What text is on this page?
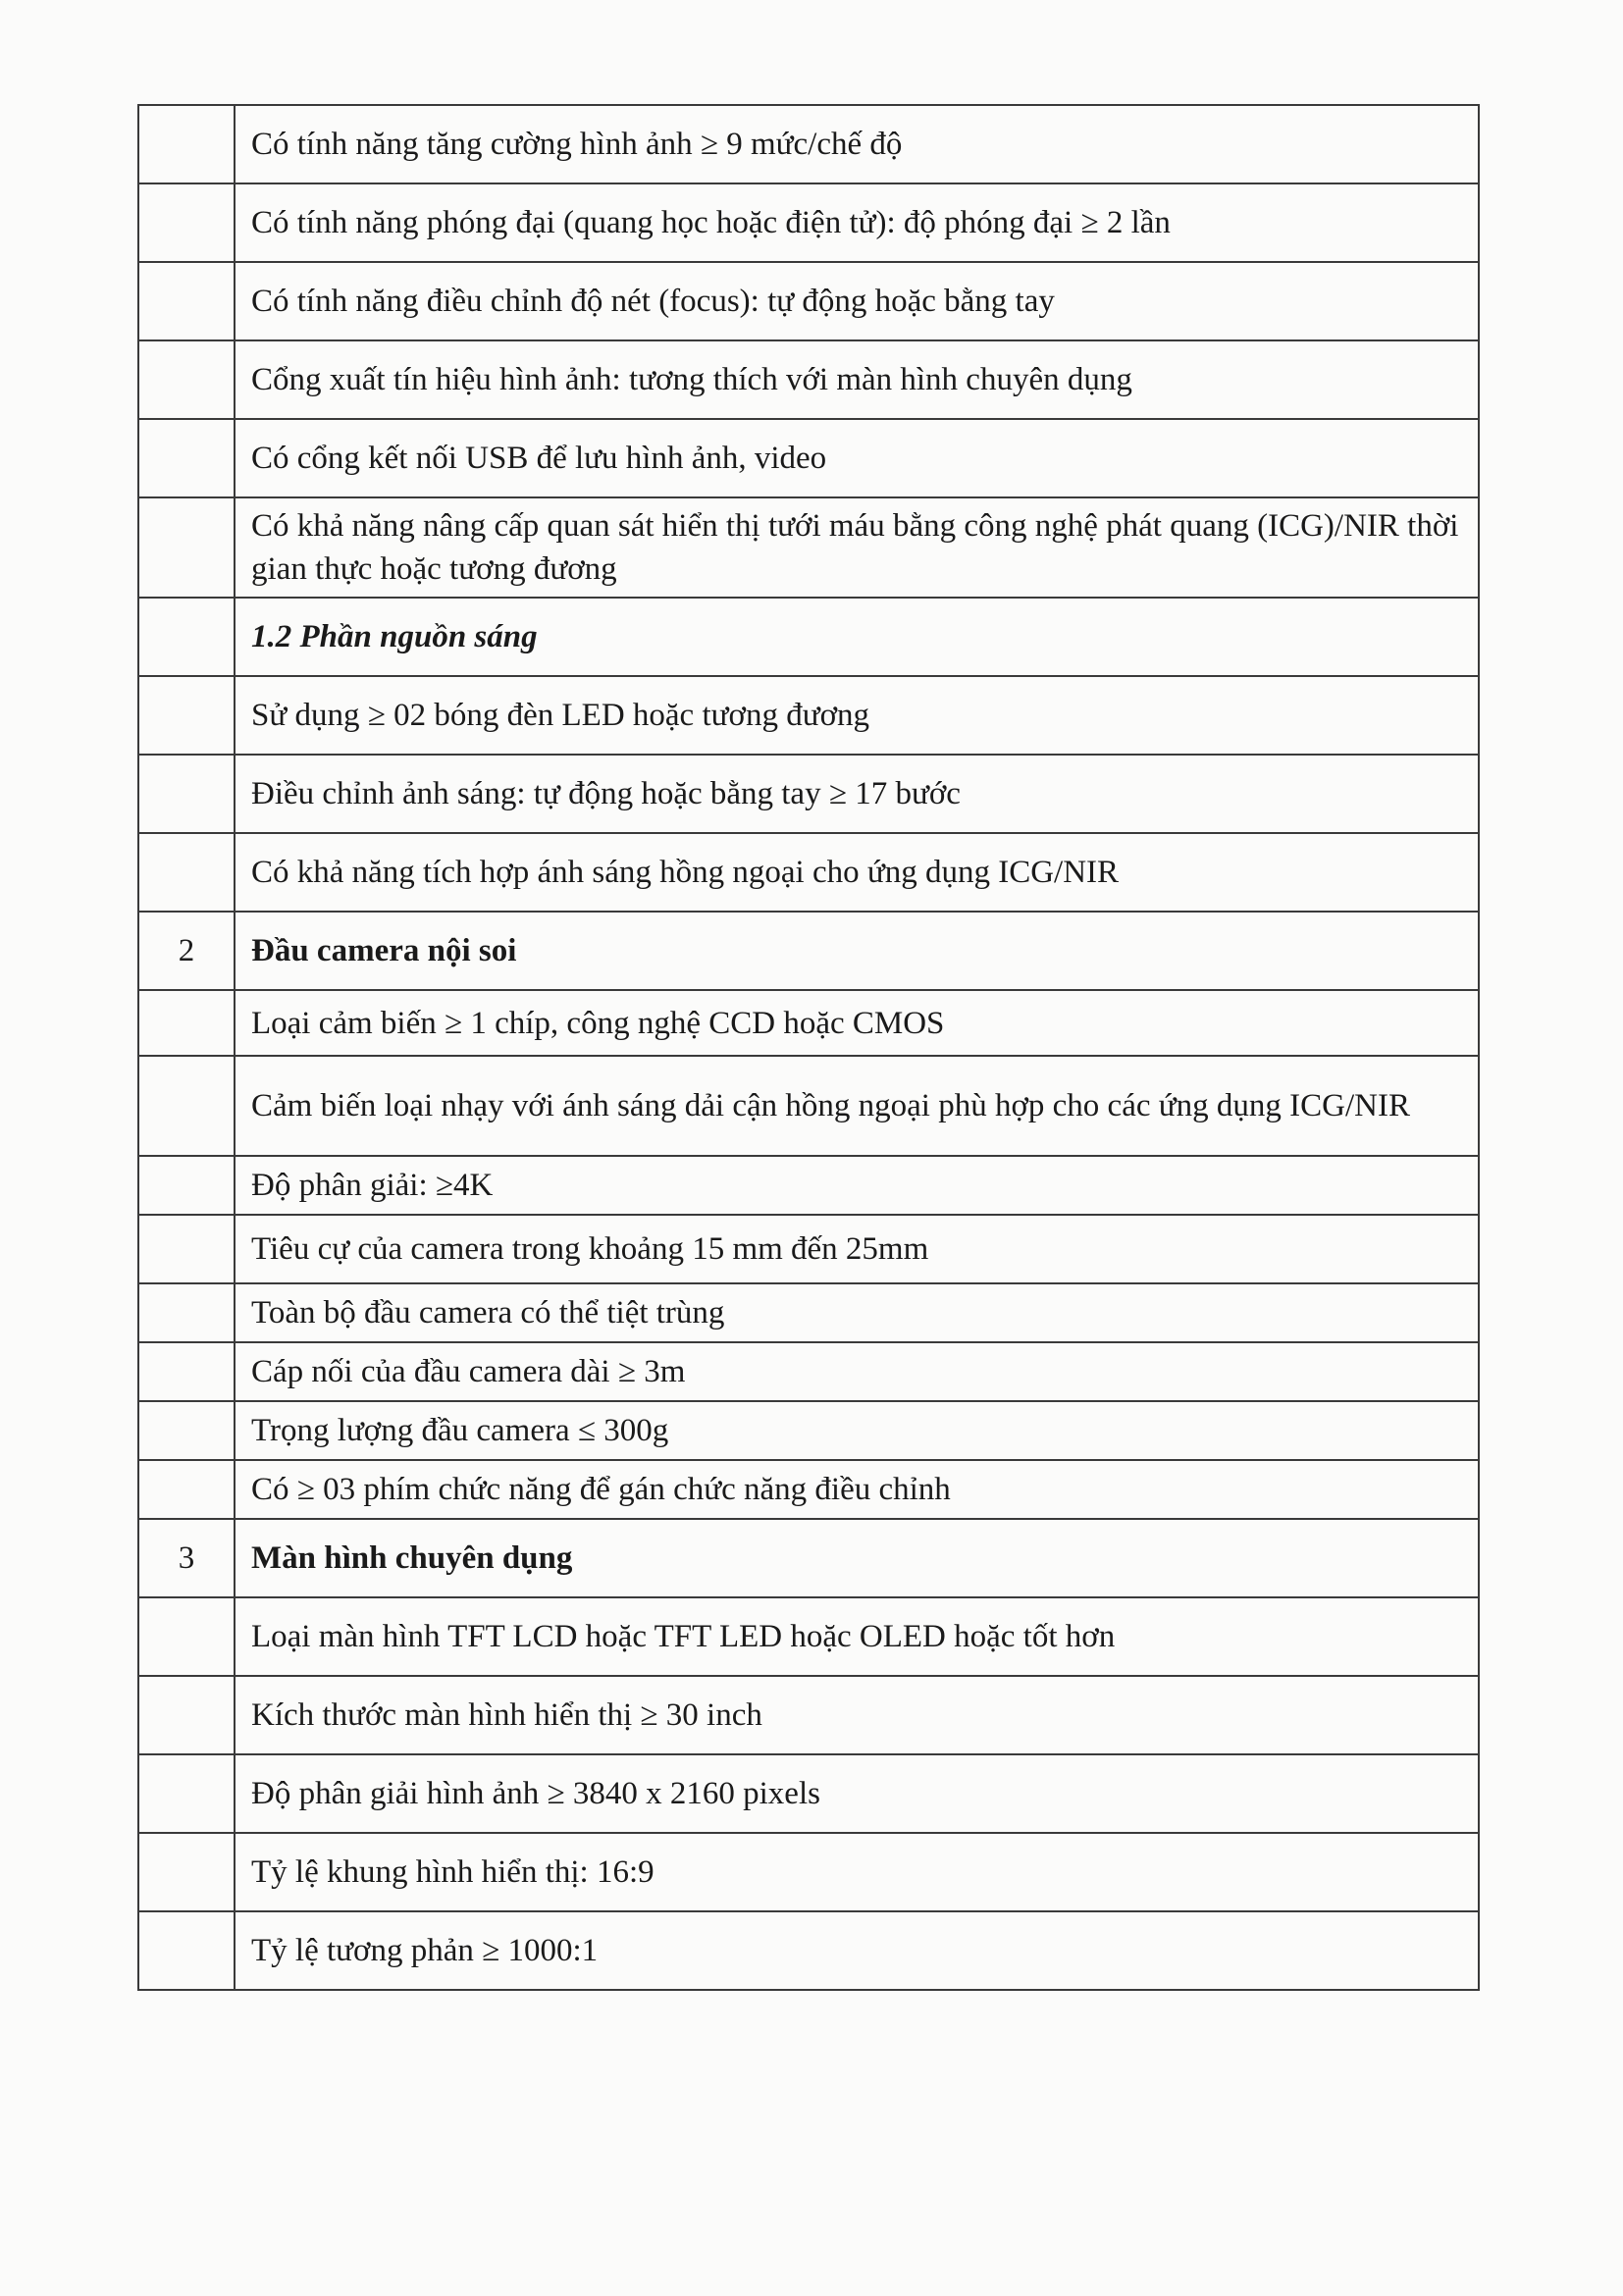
	Có tính năng tăng cường hình ảnh ≥ 9 mức/chế độ
	Có tính năng phóng đại (quang học hoặc điện tử): độ phóng đại ≥ 2 lần
	Có tính năng điều chỉnh độ nét (focus): tự động hoặc bằng tay
	Cổng xuất tín hiệu hình ảnh: tương thích với màn hình chuyên dụng
	Có cổng kết nối USB để lưu hình ảnh, video
	Có khả năng nâng cấp quan sát hiển thị tưới máu bằng công nghệ phát quang (ICG)/NIR thời gian thực hoặc tương đương
	1.2 Phần nguồn sáng
	Sử dụng ≥ 02 bóng đèn LED hoặc tương đương
	Điều chỉnh ảnh sáng: tự động hoặc bằng tay ≥ 17 bước
	Có khả năng tích hợp ánh sáng hồng ngoại cho ứng dụng ICG/NIR
2	Đầu camera nội soi
	Loại cảm biến ≥ 1 chíp, công nghệ CCD hoặc CMOS
	Cảm biến loại nhạy với ánh sáng dải cận hồng ngoại phù hợp cho các ứng dụng ICG/NIR
	Độ phân giải: ≥4K
	Tiêu cự của camera trong khoảng 15 mm đến 25mm
	Toàn bộ đầu camera có thể tiệt trùng
	Cáp nối của đầu camera dài ≥ 3m
	Trọng lượng đầu camera ≤ 300g
	Có ≥ 03 phím chức năng để gán chức năng điều chỉnh
3	Màn hình chuyên dụng
	Loại màn hình TFT LCD hoặc TFT LED hoặc OLED hoặc tốt hơn
	Kích thước màn hình hiển thị ≥ 30 inch
	Độ phân giải hình ảnh ≥ 3840 x 2160 pixels
	Tỷ lệ khung hình hiển thị: 16:9
	Tỷ lệ tương phản ≥ 1000:1
